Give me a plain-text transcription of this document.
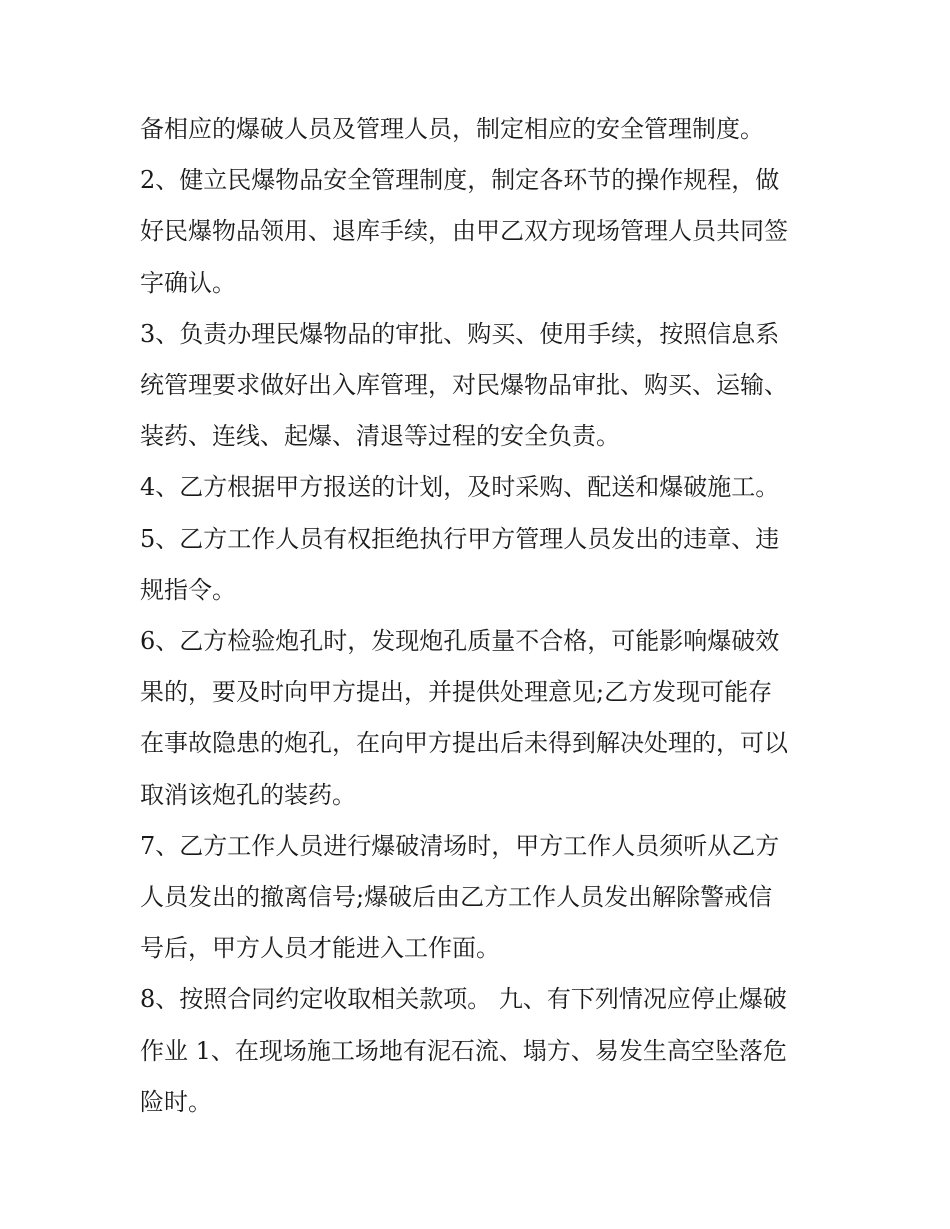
备相应的爆破人员及管理人员，制定相应的安全管理制度。

2、健立民爆物品安全管理制度，制定各环节的操作规程，做
好民爆物品领用、退库手续，由甲乙双方现场管理人员共同签
字确认。

3、负责办理民爆物品的审批、购买、使用手续，按照信息系
统管理要求做好出入库管理，对民爆物品审批、购买、运输、
装药、连线、起爆、清退等过程的安全负责。

4、乙方根据甲方报送的计划，及时采购、配送和爆破施工。

5、乙方工作人员有权拒绝执行甲方管理人员发出的违章、违
规指令。

6、乙方检验炮孔时，发现炮孔质量不合格，可能影响爆破效
果的，要及时向甲方提出，并提供处理意见;乙方发现可能存
在事故隐患的炮孔，在向甲方提出后未得到解决处理的，可以
取消该炮孔的装药。

7、乙方工作人员进行爆破清场时，甲方工作人员须听从乙方
人员发出的撤离信号;爆破后由乙方工作人员发出解除警戒信
号后，甲方人员才能进入工作面。

8、按照合同约定收取相关款项。 九、有下列情况应停止爆破
作业 1、在现场施工场地有泥石流、塌方、易发生高空坠落危
险时。
